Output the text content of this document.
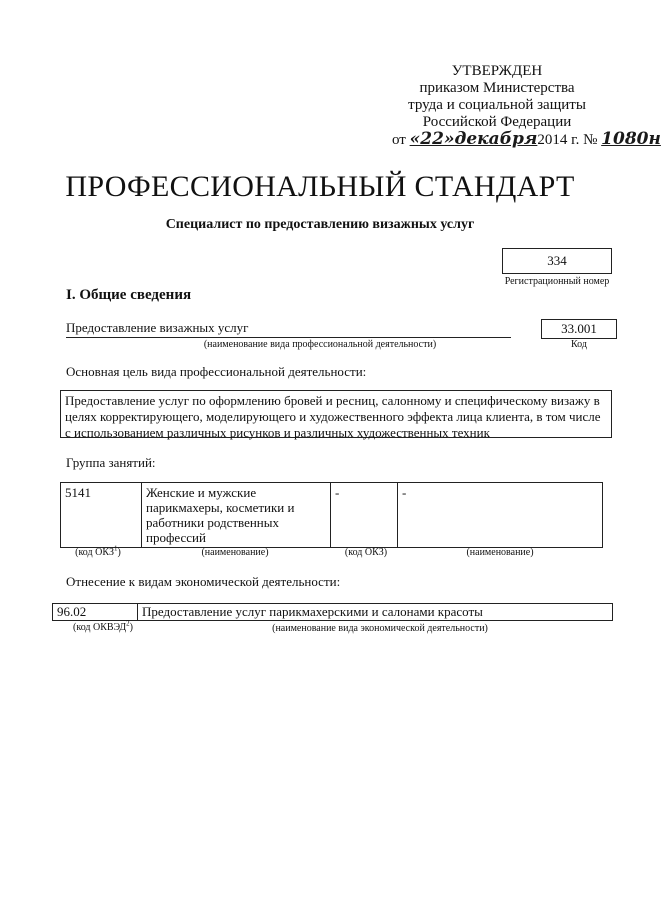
УТВЕРЖДЕН
приказом Министерства
труда и социальной защиты
Российской Федерации
от «22»декабря2014 г. № 1080н
ПРОФЕССИОНАЛЬНЫЙ СТАНДАРТ
Специалист по предоставлению визажных услуг
334
Регистрационный номер
I. Общие сведения
Предоставление визажных услуг
(наименование вида профессиональной деятельности)
33.001
Код
Основная цель вида профессиональной деятельности:
Предоставление услуг по оформлению бровей и ресниц, салонному и специфическому визажу в целях корректирующего, моделирующего и художественного эффекта лица клиента, в том числе с использованием различных рисунков и различных художественных техник
Группа занятий:
5141	Женские и мужские парикмахеры, косметики и работники родственных профессий	-	-
(код ОКЗ$^1$)	(наименование)	(код ОКЗ)	(наименование)
Отнесение к видам экономической деятельности:
96.02	Предоставление услуг парикмахерскими и салонами красоты
(код ОКВЭД$^2$)	(наименование вида экономической деятельности)
